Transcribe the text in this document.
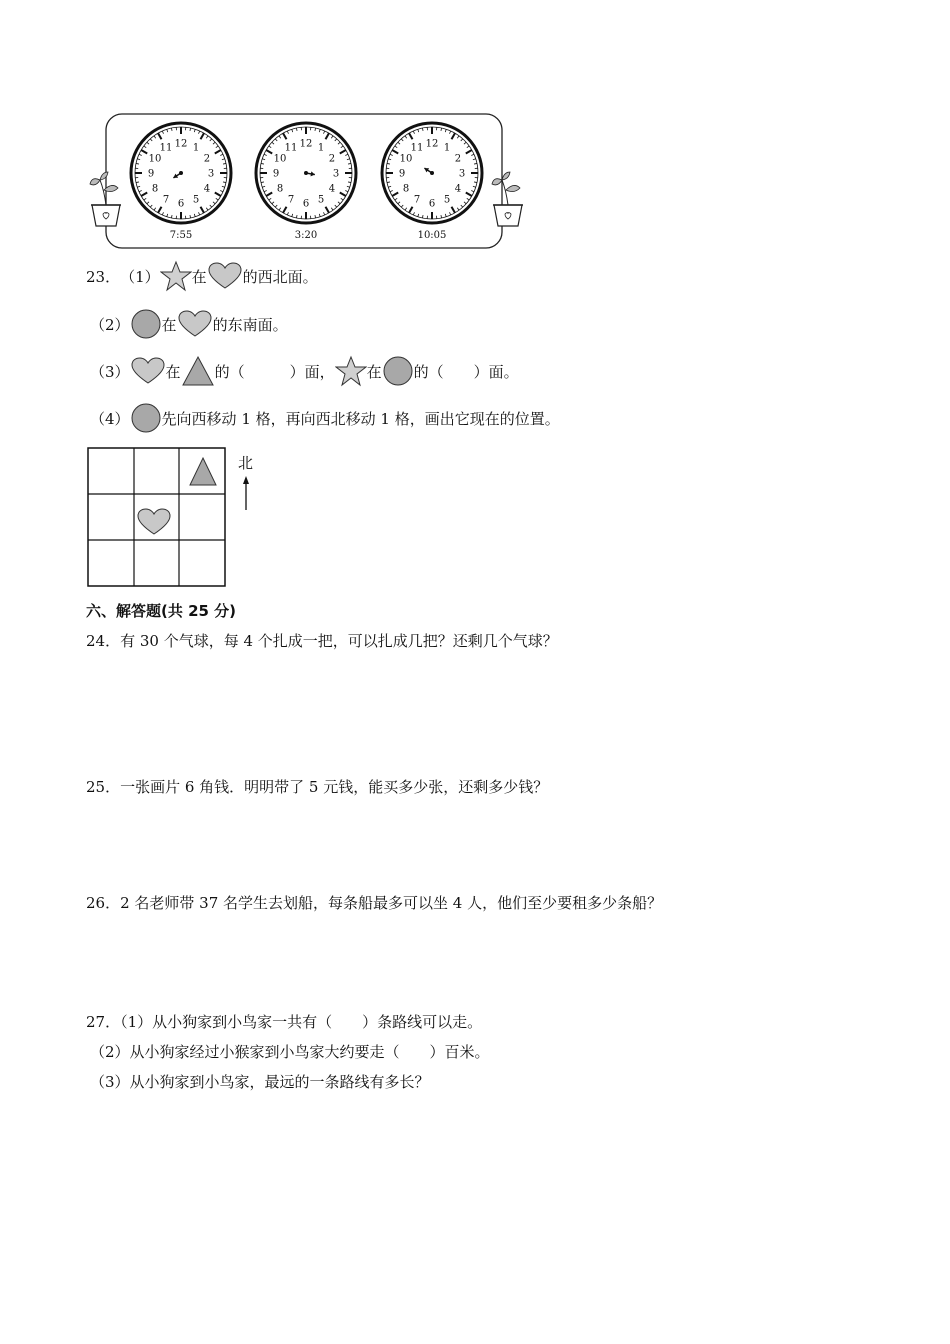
12 1
2
3
4
5
6
7
8
9
10
11
7:55
12 1
2
3
4
5
6
7
8
9
10
11
3:20
12 1
2
3
4
5
6
7
8
9
10
11
10:05
23． （1） 在 的西北面。
（2） 在 的东南面。
（3） 在 的（　　　）面， 在 的（　　）面。
（4） 先向西移动 1 格，再向西北移动 1 格，画出它现在的位置。
北
六、解答题(共 25 分)
24．有 30 个气球，每 4 个扎成一把，可以扎成几把？还剩几个气球？
25．一张画片 6 角钱．明明带了 5 元钱，能买多少张，还剩多少钱？
26．2 名老师带 37 名学生去划船，每条船最多可以坐 4 人，他们至少要租多少条船？
27．（1）从小狗家到小鸟家一共有（　　）条路线可以走。
（2）从小狗家经过小猴家到小鸟家大约要走（　　）百米。
（3）从小狗家到小鸟家，最远的一条路线有多长？
